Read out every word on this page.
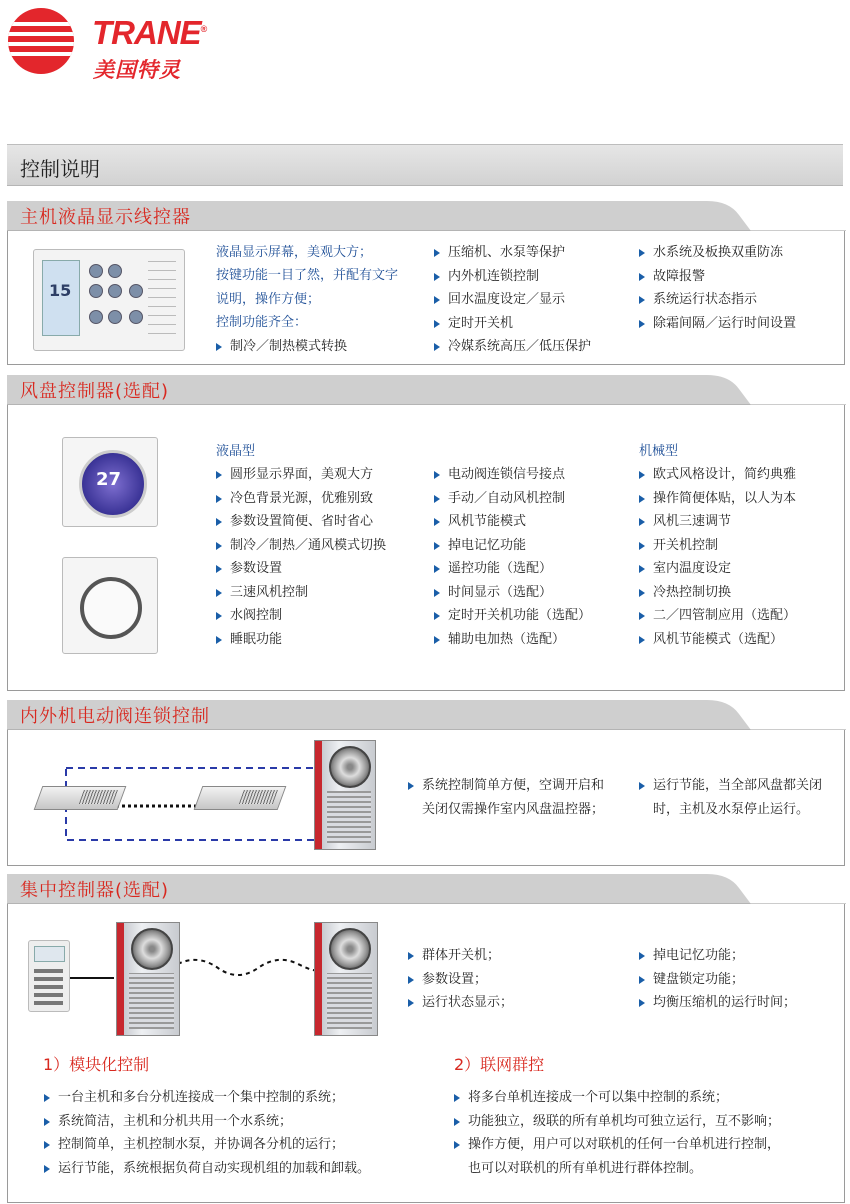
TRANE®
美国特灵
控制说明
主机液晶显示线控器
15
液晶显示屏幕，美观大方；
按键功能一目了然，并配有文字
说明，操作方便；
控制功能齐全：
制冷／制热模式转换
压缩机、水泵等保护
内外机连锁控制
回水温度设定／显示
定时开关机
冷媒系统高压／低压保护
水系统及板换双重防冻
故障报警
系统运行状态指示
除霜间隔／运行时间设置
风盘控制器(选配)
27
液晶型
圆形显示界面，美观大方
冷色背景光源，优雅别致
参数设置简便、省时省心
制冷／制热／通风模式切换
参数设置
三速风机控制
水阀控制
睡眠功能
电动阀连锁信号接点
手动／自动风机控制
风机节能模式
掉电记忆功能
遥控功能（选配）
时间显示（选配）
定时开关机功能（选配）
辅助电加热（选配）
机械型
欧式风格设计，简约典雅
操作简便体贴，以人为本
风机三速调节
开关机控制
室内温度设定
冷热控制切换
二／四管制应用（选配）
风机节能模式（选配）
内外机电动阀连锁控制
系统控制简单方便，空调开启和关闭仅需操作室内风盘温控器；
运行节能，当全部风盘都关闭时，主机及水泵停止运行。
集中控制器(选配)
群体开关机；
参数设置；
运行状态显示；
掉电记忆功能；
键盘锁定功能；
均衡压缩机的运行时间；
1）模块化控制
一台主机和多台分机连接成一个集中控制的系统；
系统简洁，主机和分机共用一个水系统；
控制简单，主机控制水泵，并协调各分机的运行；
运行节能，系统根据负荷自动实现机组的加载和卸载。
2）联网群控
将多台单机连接成一个可以集中控制的系统；
功能独立，级联的所有单机均可独立运行，互不影响；
操作方便，用户可以对联机的任何一台单机进行控制，也可以对联机的所有单机进行群体控制。
